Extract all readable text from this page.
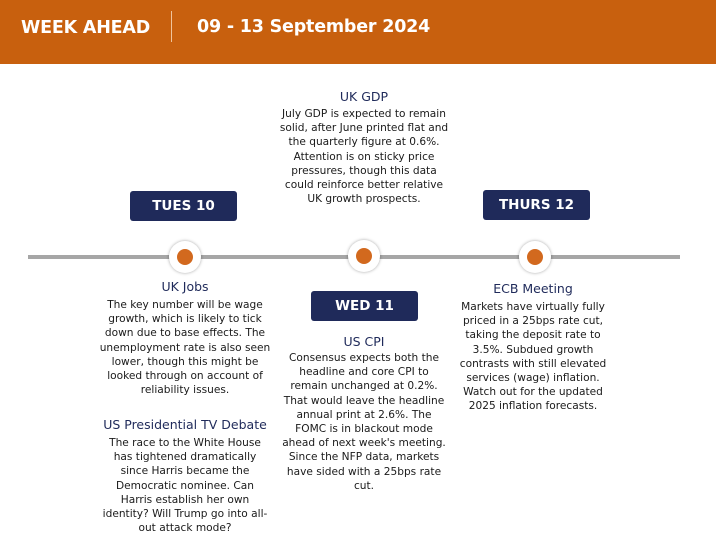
WEEK AHEAD	09 - 13 September 2024
UK GDP
July GDP is expected to remain solid, after June printed flat and the quarterly figure at 0.6%. Attention is on sticky price pressures, though this data could reinforce better relative UK growth prospects.
TUES 10	THURS 12
UK Jobs
The key number will be wage growth, which is likely to tick down due to base effects. The unemployment rate is also seen lower, though this might be looked through on account of reliability issues.
US Presidential TV Debate
The race to the White House has tightened dramatically since Harris became the Democratic nominee. Can Harris establish her own identity? Will Trump go into all-out attack mode?
WED 11
US CPI
Consensus expects both the headline and core CPI to remain unchanged at 0.2%. That would leave the headline annual print at 2.6%. The FOMC is in blackout mode ahead of next week's meeting. Since the NFP data, markets have sided with a 25bps rate cut.
ECB Meeting
Markets have virtually fully priced in a 25bps rate cut, taking the deposit rate to 3.5%. Subdued growth contrasts with still elevated services (wage) inflation. Watch out for the updated 2025 inflation forecasts.
